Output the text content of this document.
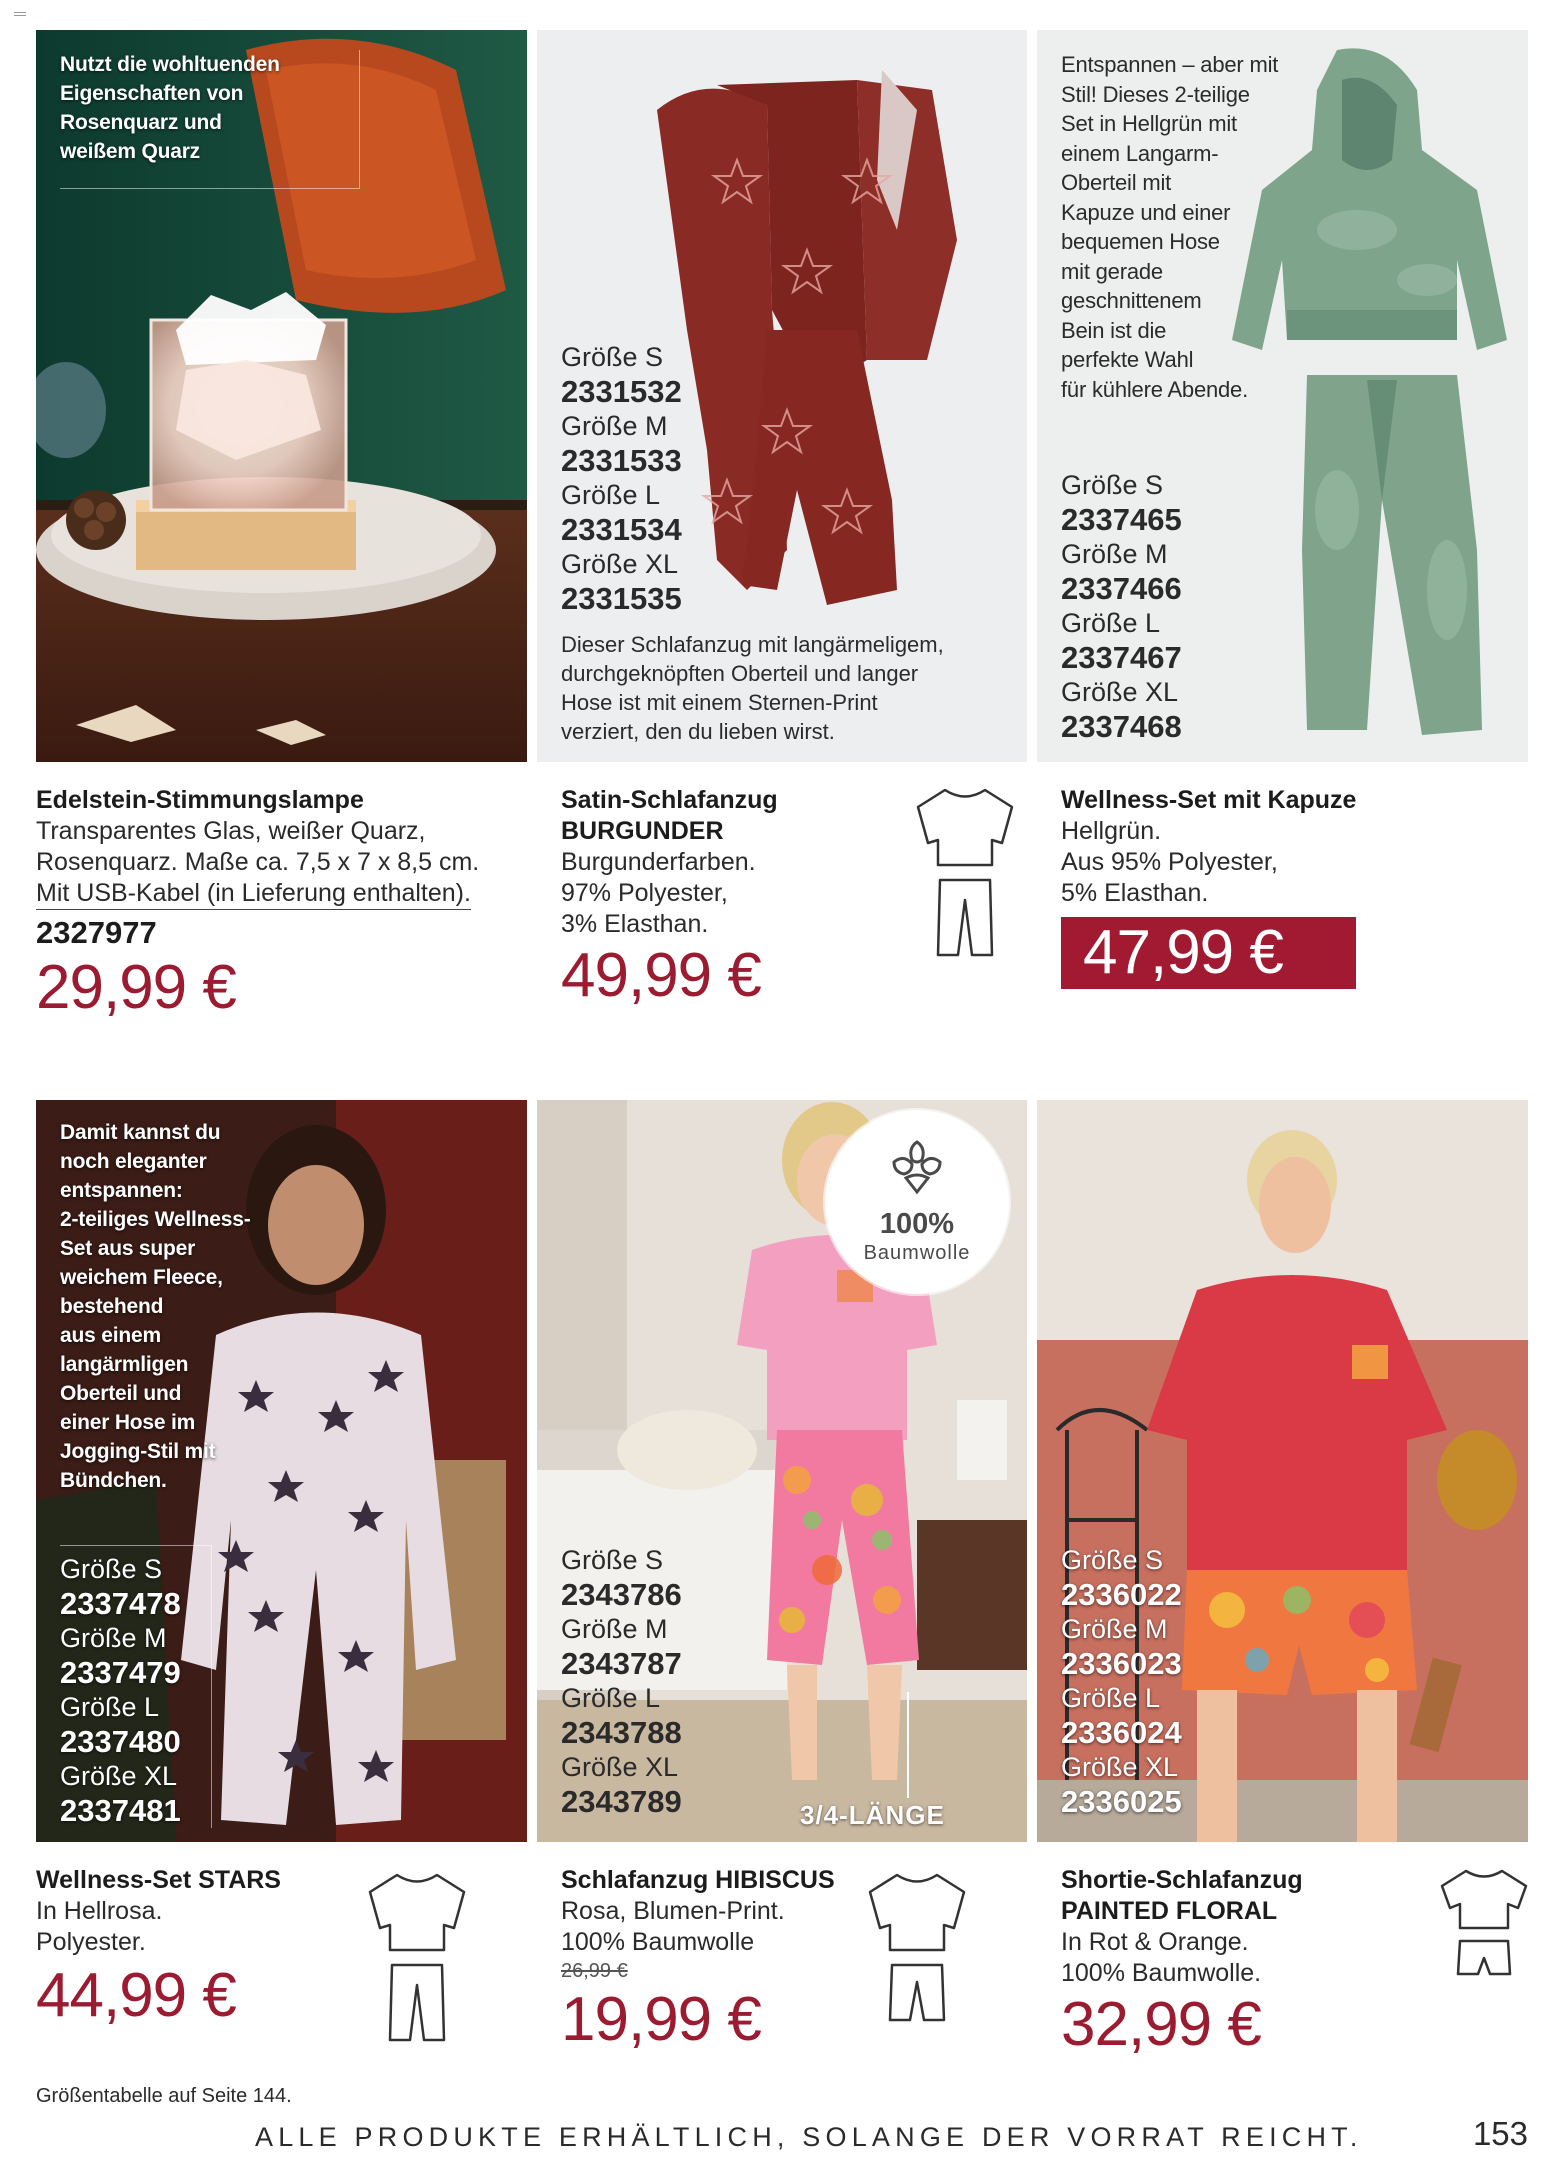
Nutzt die wohltuenden
Eigenschaften von
Rosenquarz und
weißem Quarz
Größe S
2331532
Größe M
2331533
Größe L
2331534
Größe XL
2331535
Dieser Schlafanzug mit langärmeligem,
durchgeknöpften Oberteil und langer
Hose ist mit einem Sternen-Print
verziert, den du lieben wirst.
Entspannen – aber mit
Stil! Dieses 2-teilige
Set in Hellgrün mit
einem Langarm-
Oberteil mit
Kapuze und einer
bequemen Hose
mit gerade
geschnittenem
Bein ist die
perfekte Wahl
für kühlere Abende.
Größe S
2337465
Größe M
2337466
Größe L
2337467
Größe XL
2337468
Edelstein-Stimmungslampe
Transparentes Glas, weißer Quarz,
Rosenquarz. Maße ca. 7,5 x 7 x 8,5 cm.
Mit USB-Kabel (in Lieferung enthalten).
2327977
29,99 €
Satin-Schlafanzug
BURGUNDER
Burgunderfarben.
97% Polyester,
3% Elasthan.
49,99 €
Wellness-Set mit Kapuze
Hellgrün.
Aus 95% Polyester,
5% Elasthan.
47,99 €
Damit kannst du
noch eleganter
entspannen:
2-teiliges Wellness-
Set aus super
weichem Fleece,
bestehend
aus einem
langärmligen
Oberteil und
einer Hose im
Jogging-Stil mit
Bündchen.
Größe S
2337478
Größe M
2337479
Größe L
2337480
Größe XL
2337481
100%
Baumwolle
Größe S
2343786
Größe M
2343787
Größe L
2343788
Größe XL
2343789	3/4-LÄNGE
Größe S
2336022
Größe M
2336023
Größe L
2336024
Größe XL
2336025
Wellness-Set STARS
In Hellrosa.
Polyester.
44,99 €
Schlafanzug HIBISCUS
Rosa, Blumen-Print.
100% Baumwolle
26,99 €
19,99 €
Shortie-Schlafanzug
PAINTED FLORAL
In Rot & Orange.
100% Baumwolle.
32,99 €
Größentabelle auf Seite 144.
ALLE PRODUKTE ERHÄLTLICH, SOLANGE DER VORRAT REICHT.	153
